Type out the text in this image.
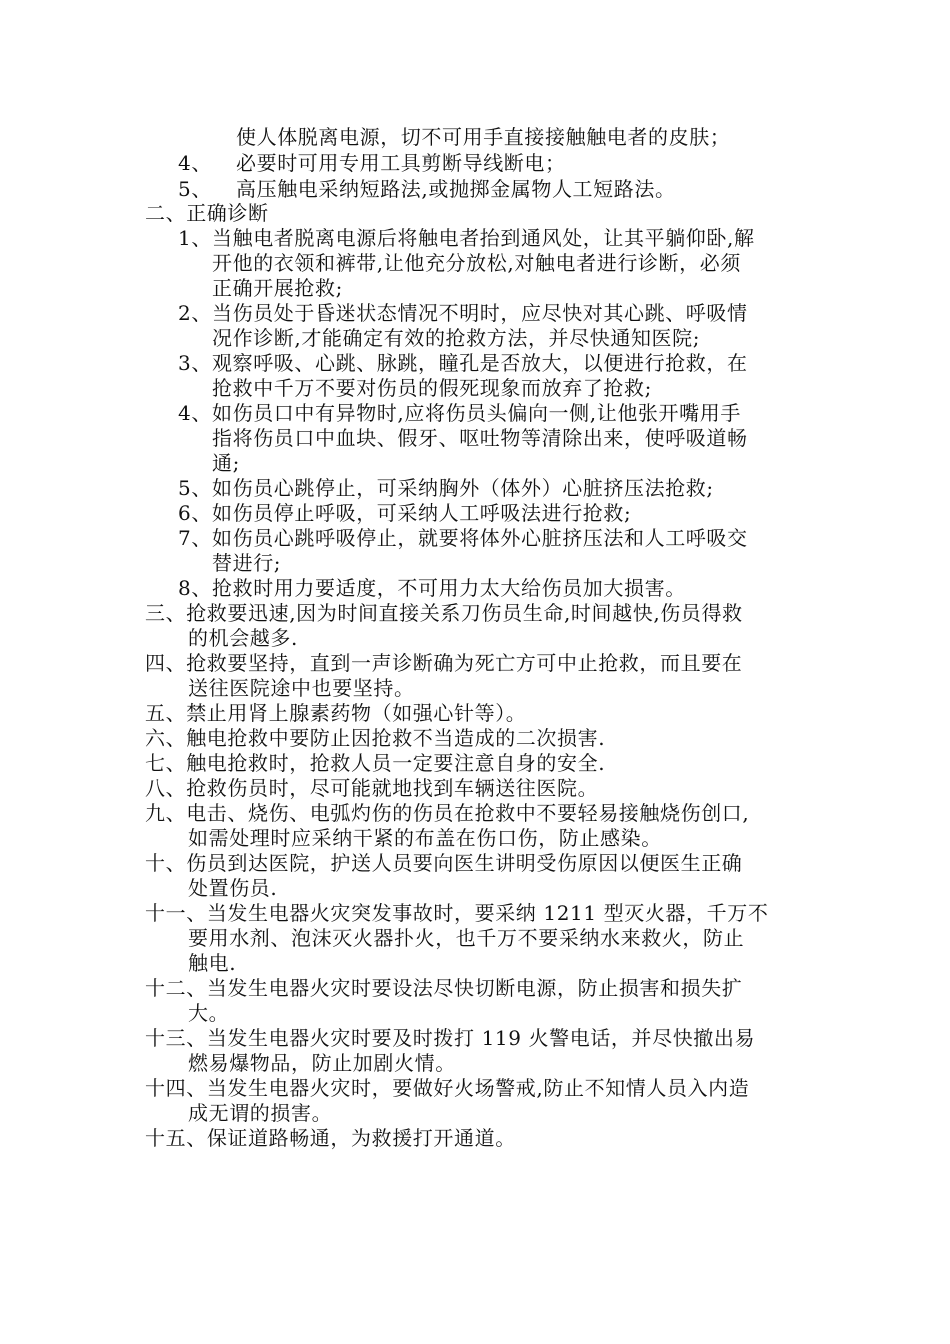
使人体脱离电源，切不可用手直接接触触电者的皮肤；
4、 必要时可用专用工具剪断导线断电；
5、 高压触电采纳短路法,或抛掷金属物人工短路法。
二、正确诊断
1、当触电者脱离电源后将触电者抬到通风处，让其平躺仰卧,解
开他的衣领和裤带,让他充分放松,对触电者进行诊断，必须
正确开展抢救;
2、当伤员处于昏迷状态情况不明时，应尽快对其心跳、呼吸情
况作诊断,才能确定有效的抢救方法，并尽快通知医院;
3、观察呼吸、心跳、脉跳，瞳孔是否放大，以便进行抢救，在
抢救中千万不要对伤员的假死现象而放弃了抢救;
4、如伤员口中有异物时,应将伤员头偏向一侧,让他张开嘴用手
指将伤员口中血块、假牙、呕吐物等清除出来，使呼吸道畅
通;
5、如伤员心跳停止，可采纳胸外（体外）心脏挤压法抢救;
6、如伤员停止呼吸，可采纳人工呼吸法进行抢救;
7、如伤员心跳呼吸停止，就要将体外心脏挤压法和人工呼吸交
替进行;
8、抢救时用力要适度，不可用力太大给伤员加大损害。
三、抢救要迅速,因为时间直接关系刀伤员生命,时间越快,伤员得救
的机会越多.
四、抢救要坚持，直到一声诊断确为死亡方可中止抢救，而且要在
送往医院途中也要坚持。
五、禁止用肾上腺素药物（如强心针等）。
六、触电抢救中要防止因抢救不当造成的二次损害.
七、触电抢救时，抢救人员一定要注意自身的安全.
八、抢救伤员时，尽可能就地找到车辆送往医院。
九、电击、烧伤、电弧灼伤的伤员在抢救中不要轻易接触烧伤创口,
如需处理时应采纳干紧的布盖在伤口伤，防止感染。
十、伤员到达医院，护送人员要向医生讲明受伤原因以便医生正确
处置伤员.
十一、当发生电器火灾突发事故时，要采纳 1211 型灭火器，千万不
要用水剂、泡沫灭火器扑火，也千万不要采纳水来救火，防止
触电.
十二、当发生电器火灾时要设法尽快切断电源，防止损害和损失扩
大。
十三、当发生电器火灾时要及时拨打 119 火警电话，并尽快撤出易
燃易爆物品，防止加剧火情。
十四、当发生电器火灾时，要做好火场警戒,防止不知情人员入内造
成无谓的损害。
十五、保证道路畅通，为救援打开通道。
